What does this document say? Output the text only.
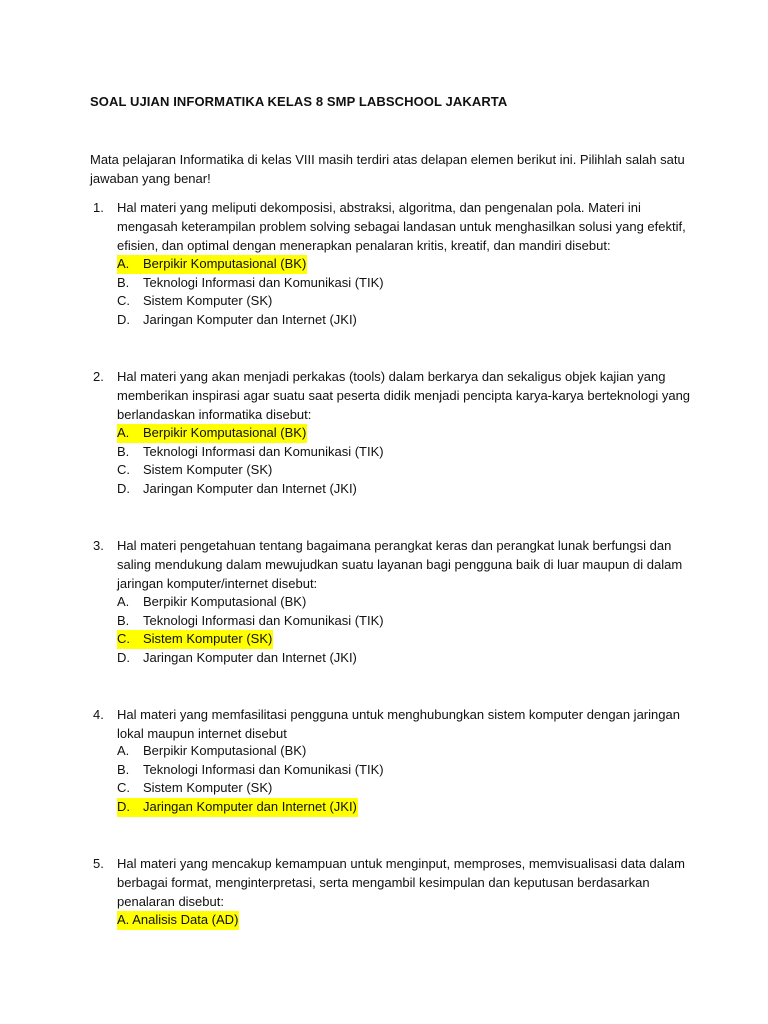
SOAL UJIAN INFORMATIKA KELAS 8 SMP LABSCHOOL JAKARTA
Mata pelajaran Informatika di kelas VIII masih terdiri atas delapan elemen berikut ini. Pilihlah salah satu
jawaban yang benar!
1. Hal materi yang meliputi dekomposisi, abstraksi, algoritma, dan pengenalan pola. Materi ini
mengasah keterampilan problem solving sebagai landasan untuk menghasilkan solusi yang efektif,
efisien, dan optimal dengan menerapkan penalaran kritis, kreatif, dan mandiri disebut:
A. Berpikir Komputasional (BK)
B. Teknologi Informasi dan Komunikasi (TIK)
C. Sistem Komputer (SK)
D. Jaringan Komputer dan Internet (JKI)
2. Hal materi yang akan menjadi perkakas (tools) dalam berkarya dan sekaligus objek kajian yang
memberikan inspirasi agar suatu saat peserta didik menjadi pencipta karya-karya berteknologi yang
berlandaskan informatika disebut:
A. Berpikir Komputasional (BK)
B. Teknologi Informasi dan Komunikasi (TIK)
C. Sistem Komputer (SK)
D. Jaringan Komputer dan Internet (JKI)
3. Hal materi pengetahuan tentang bagaimana perangkat keras dan perangkat lunak berfungsi dan
saling mendukung dalam mewujudkan suatu layanan bagi pengguna baik di luar maupun di dalam
jaringan komputer/internet disebut:
A. Berpikir Komputasional (BK)
B. Teknologi Informasi dan Komunikasi (TIK)
C. Sistem Komputer (SK)
D. Jaringan Komputer dan Internet (JKI)
4. Hal materi yang memfasilitasi pengguna untuk menghubungkan sistem komputer dengan jaringan
lokal maupun internet disebut
A. Berpikir Komputasional (BK)
B. Teknologi Informasi dan Komunikasi (TIK)
C. Sistem Komputer (SK)
D. Jaringan Komputer dan Internet (JKI)
5. Hal materi yang mencakup kemampuan untuk menginput, memproses, memvisualisasi data dalam
berbagai format, menginterpretasi, serta mengambil kesimpulan dan keputusan berdasarkan
penalaran disebut:
A. Analisis Data (AD)
